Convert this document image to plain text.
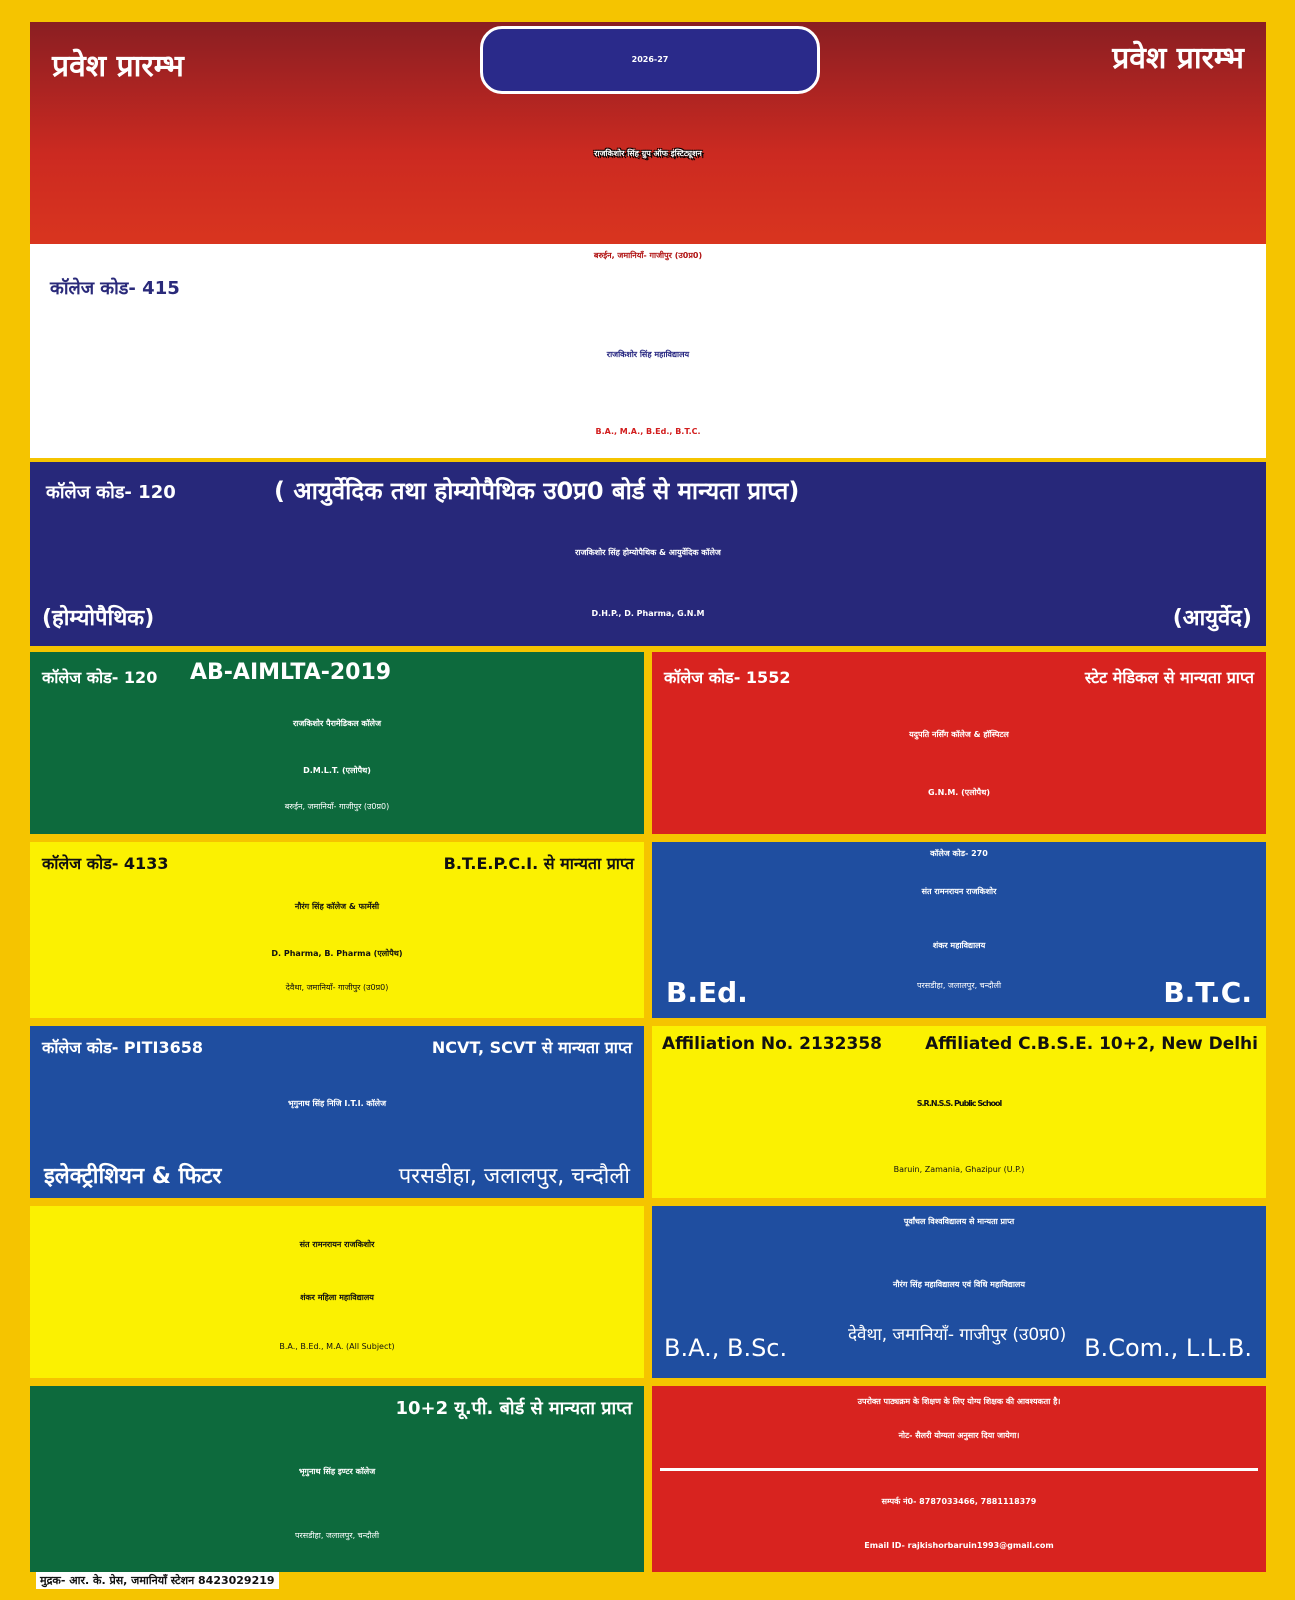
प्रवेश प्रारम्भ	प्रवेश प्रारम्भ
2026-27
राजकिशोर सिंह ग्रुप ऑफ इंस्टिट्यूशन
बरुईन, जमानियाँ- गाजीपुर (उ0प्र0)
कॉलेज कोड- 415
राजकिशोर सिंह महाविद्यालय
B.A., M.A., B.Ed., B.T.C.
कॉलेज कोड- 120	( आयुर्वेदिक तथा होम्योपैथिक उ0प्र0 बोर्ड से मान्यता प्राप्त)
राजकिशोर सिंह होम्योपैथिक & आयुर्वेदिक कॉलेज
(होम्योपैथिक)	D.H.P., D. Pharma, G.N.M	(आयुर्वेद)
कॉलेज कोड- 120 AB-AIMLTA-2019
राजकिशोर पैरामेडिकल कॉलेज
D.M.L.T. (एलोपैथ)
बरुईन, जमानियाँ- गाजीपुर (उ0प्र0)
कॉलेज कोड- 1552	स्टेट मेडिकल से मान्यता प्राप्त
यदुपति नर्सिंग कॉलेज & हॉस्पिटल
G.N.M. (एलोपैथ)
कॉलेज कोड- 4133	B.T.E.P.C.I. से मान्यता प्राप्त
नौरंग सिंह कॉलेज & फार्मेसी
D. Pharma, B. Pharma (एलोपैथ)
देवैथा, जमानियाँ- गाजीपुर (उ0प्र0)
कॉलेज कोड- 270
संत रामनरायन राजकिशोर
शंकर महाविद्यालय
B.Ed.	परसडीहा, जलालपुर, चन्दौली	B.T.C.
कॉलेज कोड- PITI3658	NCVT, SCVT से मान्यता प्राप्त
भृगुनाथ सिंह निजि I.T.I. कॉलेज
इलेक्ट्रीशियन & फिटर	परसडीहा, जलालपुर, चन्दौली
Affiliation No. 2132358	Affiliated C.B.S.E. 10+2, New Delhi
S.R.N.S.S. Public School
Baruin, Zamania, Ghazipur (U.P.)
संत रामनरायन राजकिशोर
शंकर महिला महाविद्यालय
B.A., B.Ed., M.A. (All Subject)
पूर्वांचल विश्वविद्यालय से मान्यता प्राप्त
नौरंग सिंह महाविद्यालय एवं विधि महाविद्यालय
B.A., B.Sc.	देवैथा, जमानियाँ- गाजीपुर (उ0प्र0) B.Com., L.L.B.
10+2 यू.पी. बोर्ड से मान्यता प्राप्त
भृगुनाथ सिंह इण्टर कॉलेज
परसडीहा, जलालपुर, चन्दौली
मुद्रक- आर. के. प्रेस, जमानियाँ स्टेशन 8423029219
उपरोक्त पाठ्यक्रम के शिक्षण के लिए योग्य शिक्षक की आवश्यकता है।
नोट- सैलरी योग्यता अनुसार दिया जायेगा।
सम्पर्क नं0- 8787033466, 7881118379
Email ID- rajkishorbaruin1993@gmail.com
